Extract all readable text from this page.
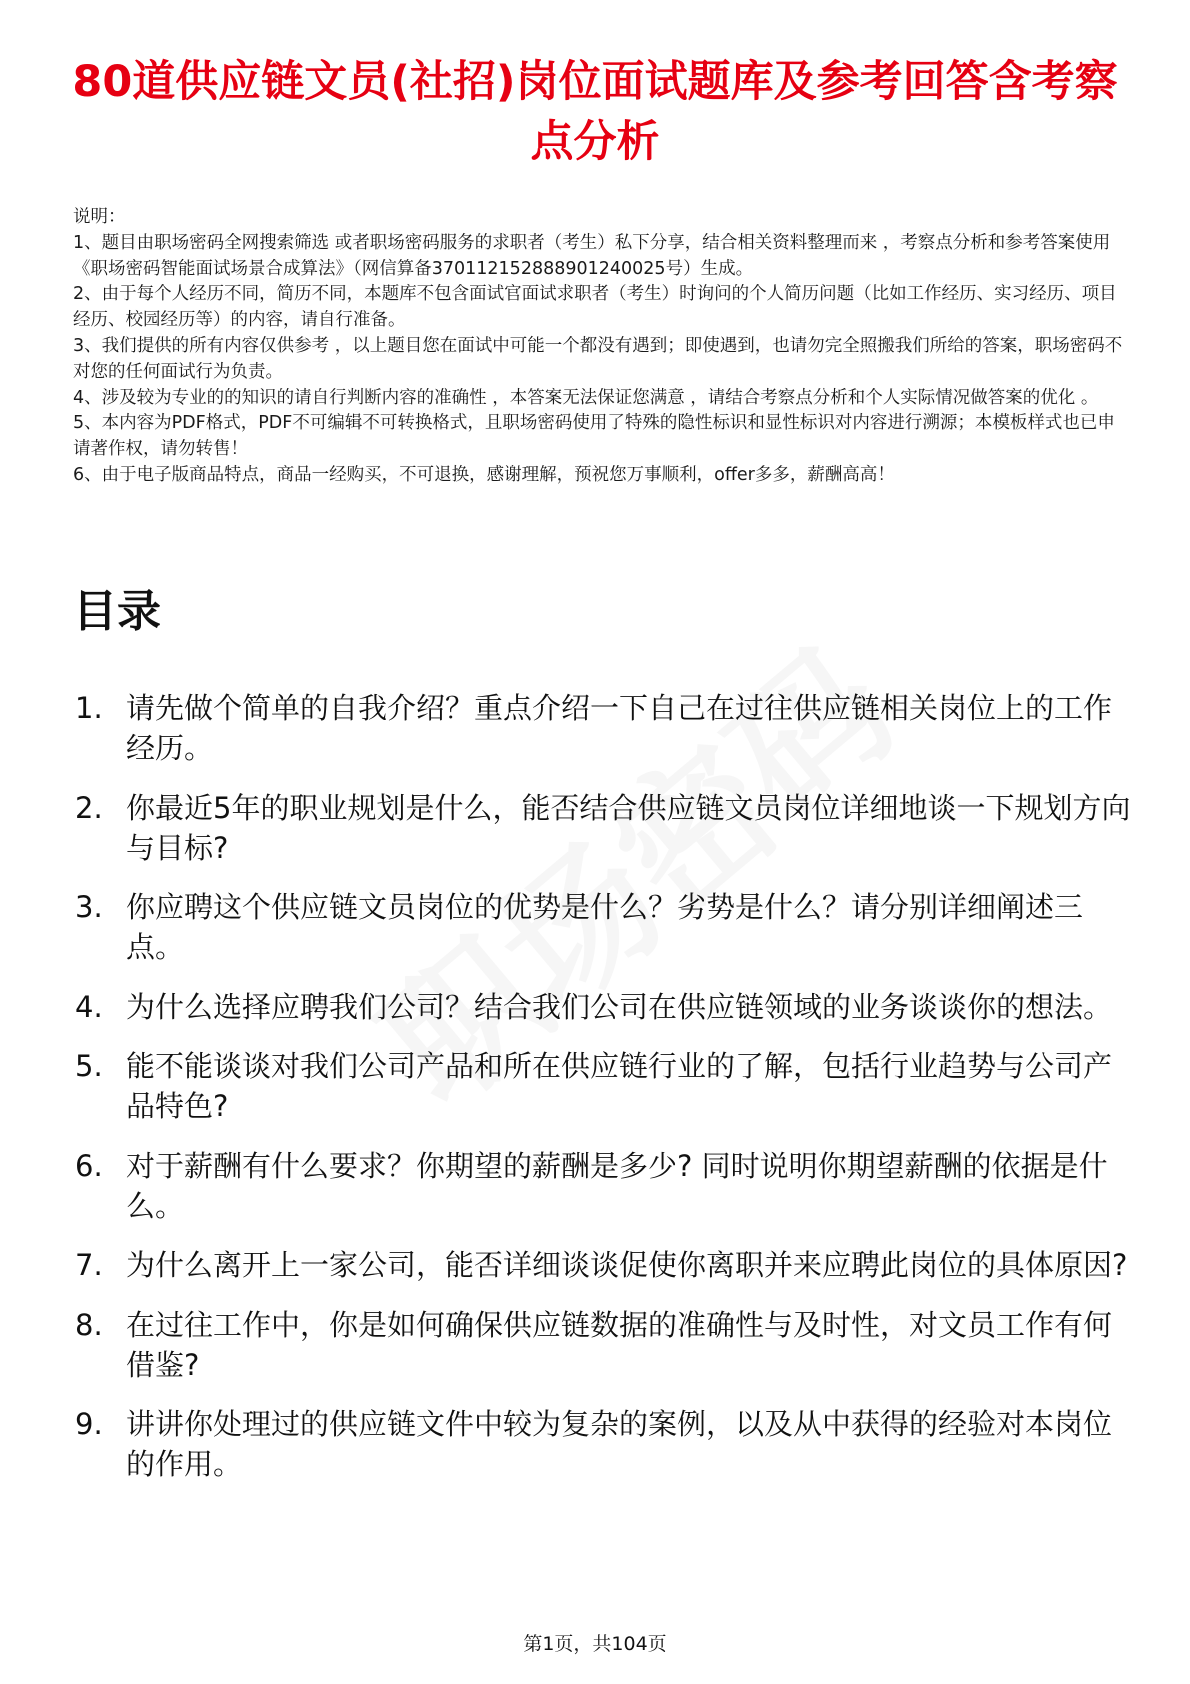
80道供应链文员(社招)岗位面试题库及参考回答含考察点分析

说明：

1、题目由职场密码全网搜索筛选 或者职场密码服务的求职者（考生）私下分享，结合相关资料整理而来 ，考察点分析和参考答案使用《职场密码智能面试场景合成算法》（网信算备370112152888901240025号）生成。

2、由于每个人经历不同，简历不同，本题库不包含面试官面试求职者（考生）时询问的个人简历问题（比如工作经历、实习经历、项目经历、校园经历等）的内容，请自行准备。

3、我们提供的所有内容仅供参考 ，以上题目您在面试中可能一个都没有遇到；即使遇到，也请勿完全照搬我们所给的答案，职场密码不对您的任何面试行为负责。

4、涉及较为专业的的知识的请自行判断内容的准确性 ，本答案无法保证您满意 ，请结合考察点分析和个人实际情况做答案的优化 。

5、本内容为PDF格式，PDF不可编辑不可转换格式，且职场密码使用了特殊的隐性标识和显性标识对内容进行溯源；本模板样式也已申请著作权，请勿转售！

6、由于电子版商品特点，商品一经购买，不可退换，感谢理解，预祝您万事顺利，offer多多，薪酬高高！

目录
1. 请先做个简单的自我介绍？重点介绍一下自己在过往供应链相关岗位上的工作经历。
2. 你最近5年的职业规划是什么，能否结合供应链文员岗位详细地谈一下规划方向与目标?
3. 你应聘这个供应链文员岗位的优势是什么？劣势是什么？请分别详细阐述三点。
4. 为什么选择应聘我们公司？结合我们公司在供应链领域的业务谈谈你的想法。
5. 能不能谈谈对我们公司产品和所在供应链行业的了解，包括行业趋势与公司产品特色?
6. 对于薪酬有什么要求？你期望的薪酬是多少? 同时说明你期望薪酬的依据是什么。
7. 为什么离开上一家公司，能否详细谈谈促使你离职并来应聘此岗位的具体原因?
8. 在过往工作中，你是如何确保供应链数据的准确性与及时性，对文员工作有何借鉴?
9. 讲讲你处理过的供应链文件中较为复杂的案例，以及从中获得的经验对本岗位的作用。
第1页，共104页
